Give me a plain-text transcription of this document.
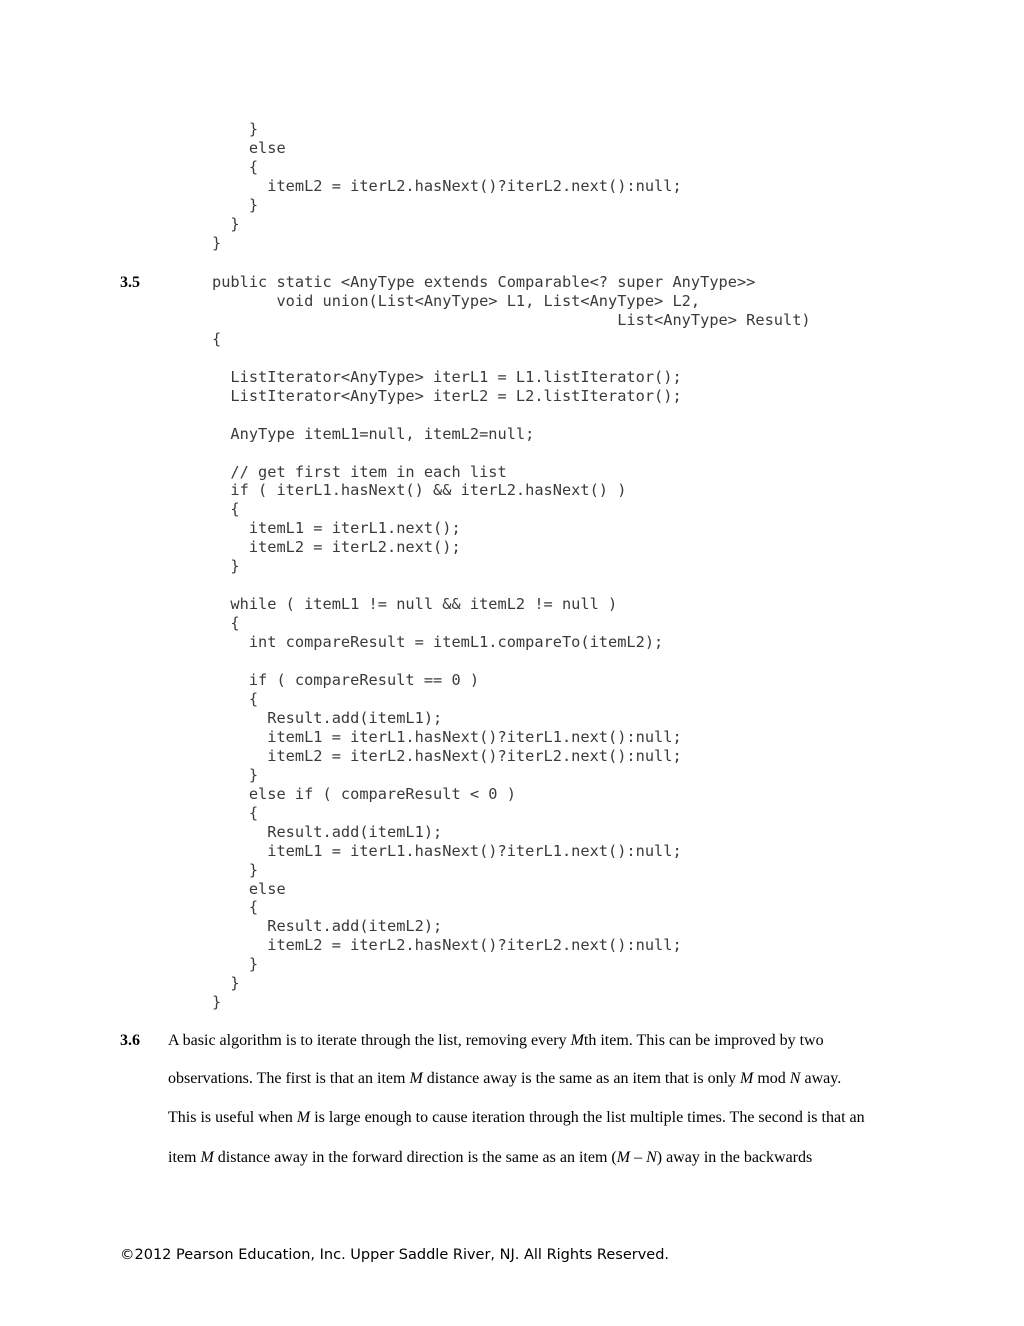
}
else
{
itemL2 = iterL2.hasNext()?iterL2.next():null;
}
}
}
3.5	public static <AnyType extends Comparable<? super AnyType>>
void union(List<AnyType> L1, List<AnyType> L2,
List<AnyType> Result)
{

ListIterator<AnyType> iterL1 = L1.listIterator();
ListIterator<AnyType> iterL2 = L2.listIterator();

AnyType itemL1=null, itemL2=null;

// get first item in each list
if ( iterL1.hasNext() && iterL2.hasNext() )
{
itemL1 = iterL1.next();
itemL2 = iterL2.next();
}

while ( itemL1 != null && itemL2 != null )
{
int compareResult = itemL1.compareTo(itemL2);

if ( compareResult == 0 )
{
Result.add(itemL1);
itemL1 = iterL1.hasNext()?iterL1.next():null;
itemL2 = iterL2.hasNext()?iterL2.next():null;
}
else if ( compareResult < 0 )
{
Result.add(itemL1);
itemL1 = iterL1.hasNext()?iterL1.next():null;
}
else
{
Result.add(itemL2);
itemL2 = iterL2.hasNext()?iterL2.next():null;
}
}
}
3.6 A basic algorithm is to iterate through the list, removing every Mth item. This can be improved by two
observations. The first is that an item M distance away is the same as an item that is only M mod N away.
This is useful when M is large enough to cause iteration through the list multiple times. The second is that an
item M distance away in the forward direction is the same as an item (M – N) away in the backwards
©2012 Pearson Education, Inc. Upper Saddle River, NJ. All Rights Reserved.
